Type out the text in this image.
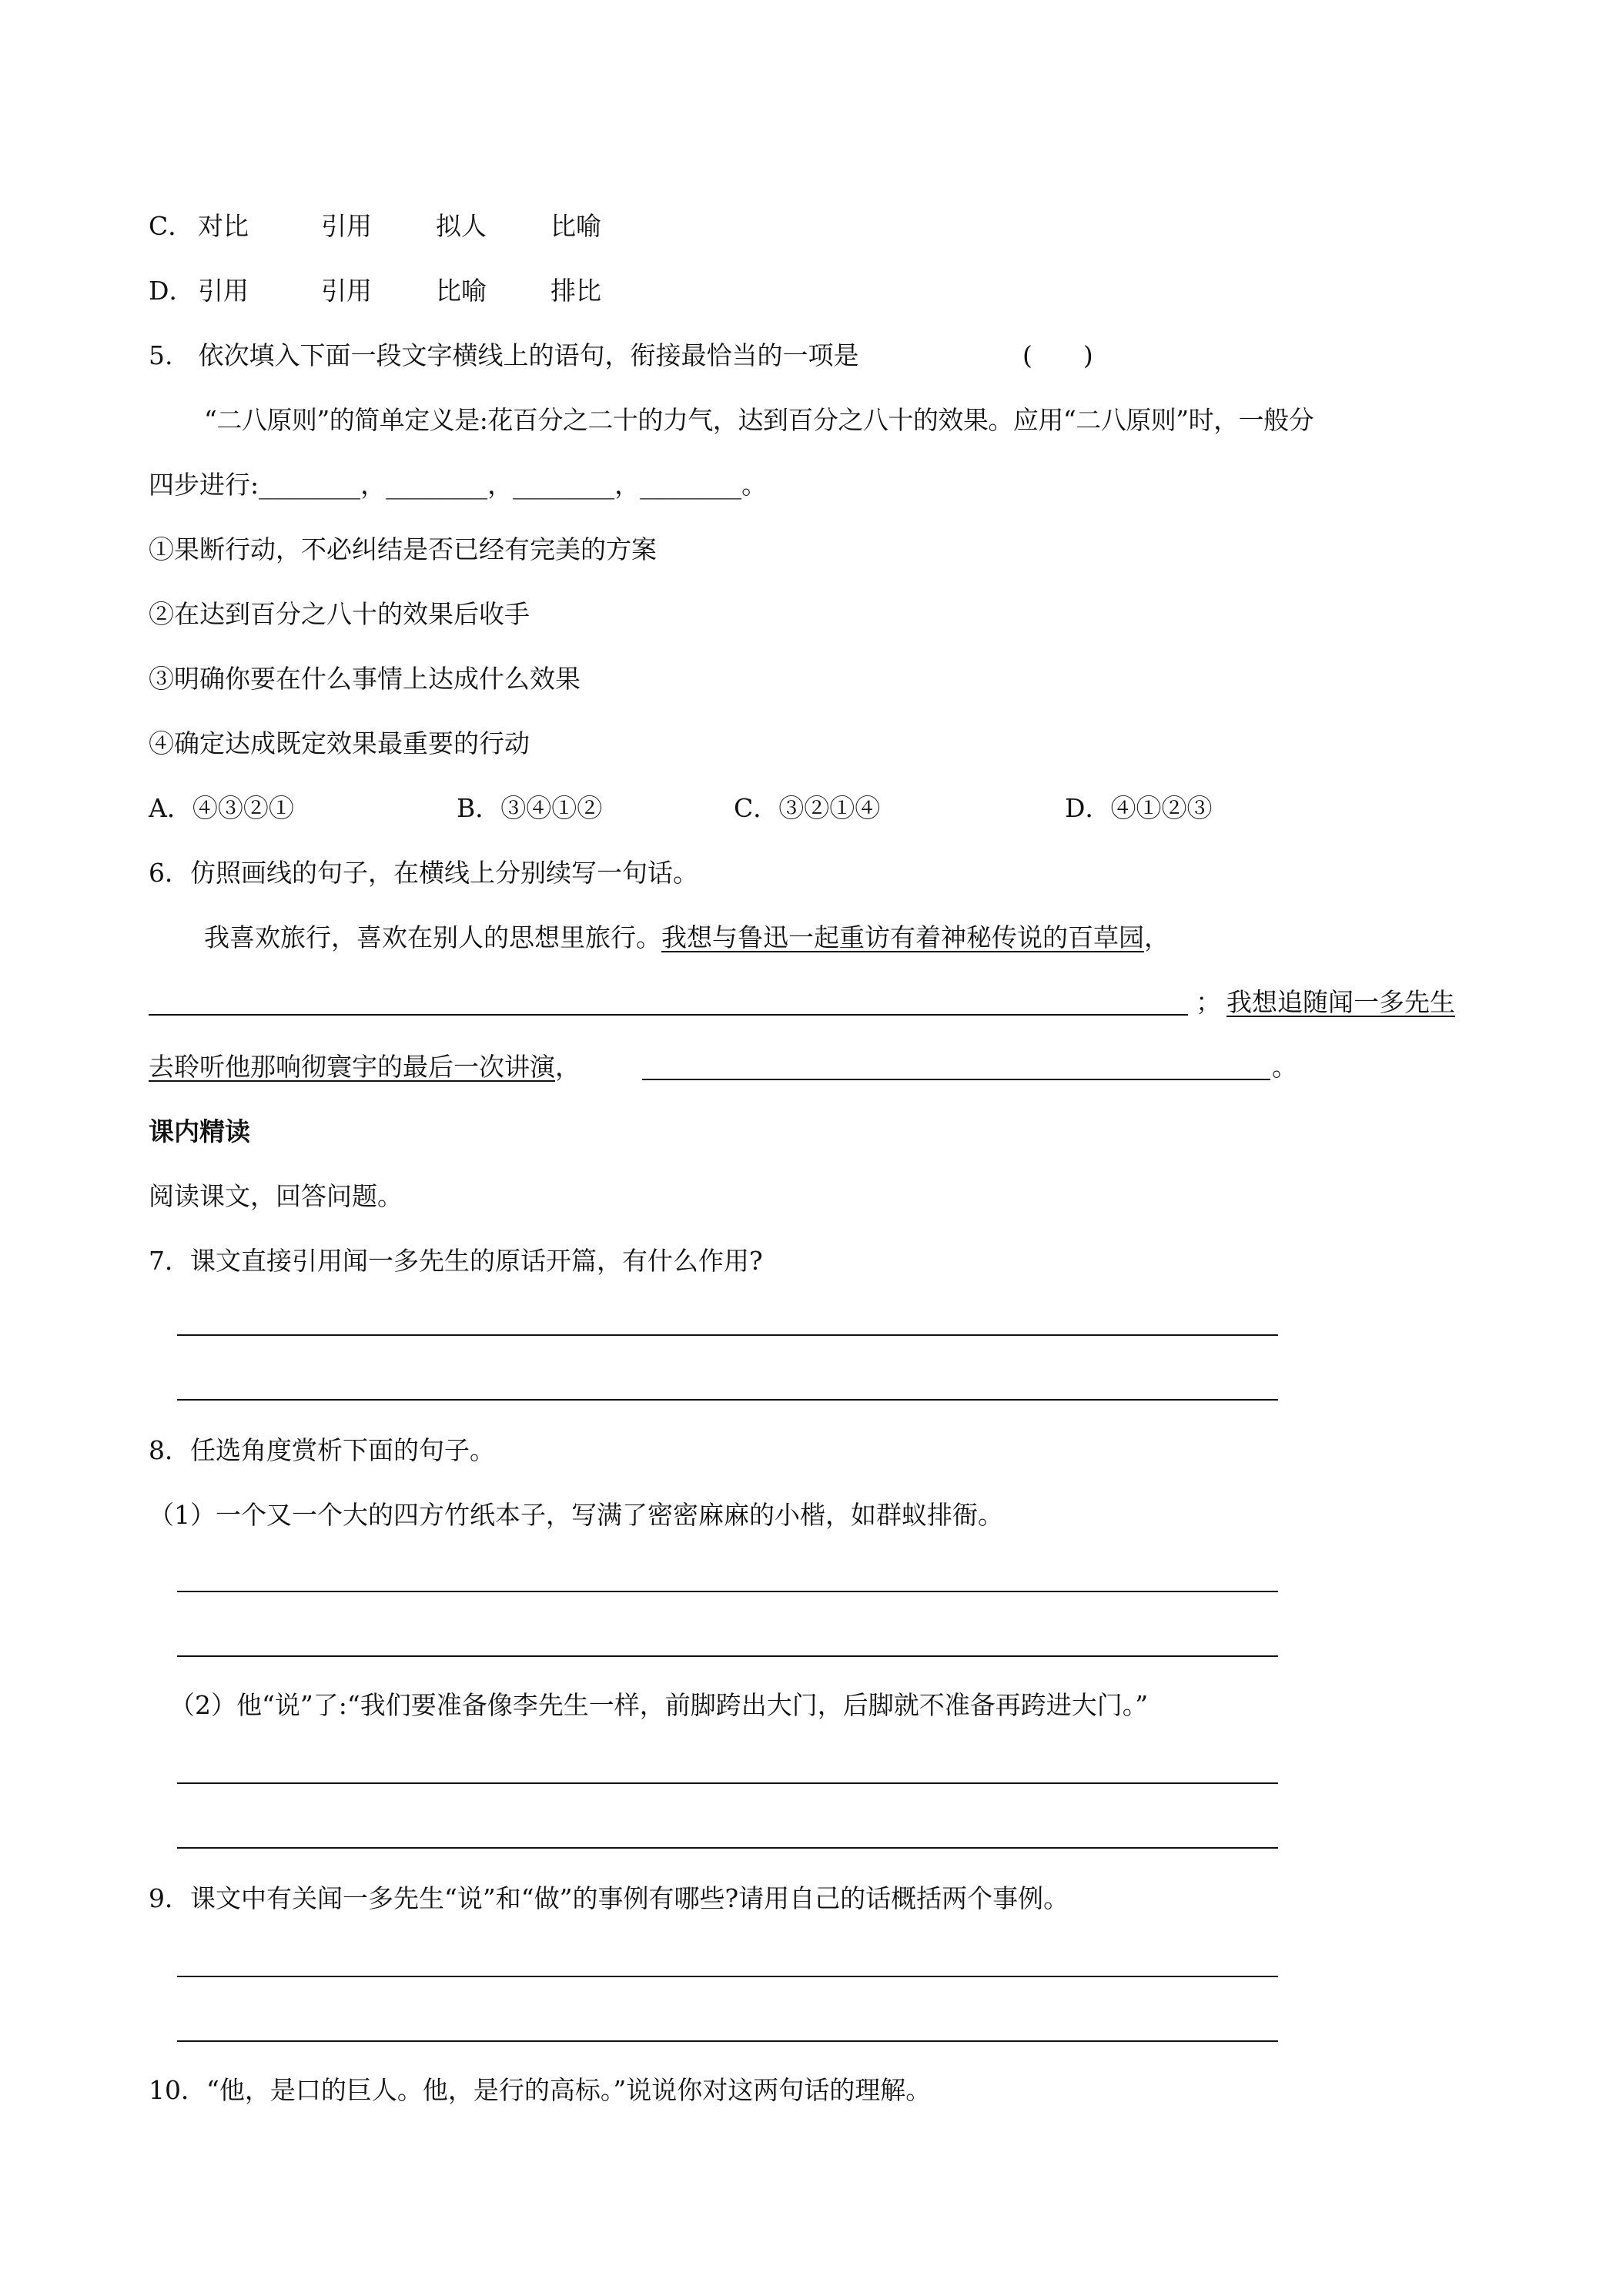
C． 对比	引用	拟人	比喻
D． 引用	引用	比喻	排比
5.　依次填入下面一段文字横线上的语句，衔接最恰当的一项是	(　　)
“二八原则”的简单定义是:花百分之二十的力气，达到百分之八十的效果。应用“二八原则”时，一般分
四步进行:________，________，________，________。
①果断行动，不必纠结是否已经有完美的方案
②在达到百分之八十的效果后收手
③明确你要在什么事情上达成什么效果
④确定达成既定效果最重要的行动
A．④③②①	B．③④①②	C．③②①④	D．④①②③
6．仿照画线的句子，在横线上分别续写一句话。
我喜欢旅行，喜欢在别人的思想里旅行。我想与鲁迅一起重访有着神秘传说的百草园，
； 我想追随闻一多先生
去聆听他那响彻寰宇的最后一次讲演，	。
课内精读
阅读课文，回答问题。
7．课文直接引用闻一多先生的原话开篇，有什么作用?
8．任选角度赏析下面的句子。
（1）一个又一个大的四方竹纸本子，写满了密密麻麻的小楷，如群蚁排衙。
（2）他“说”了:“我们要准备像李先生一样，前脚跨出大门，后脚就不准备再跨进大门。”
9．课文中有关闻一多先生“说”和“做”的事例有哪些?请用自己的话概括两个事例。
10．“他，是口的巨人。他，是行的高标。”说说你对这两句话的理解。
